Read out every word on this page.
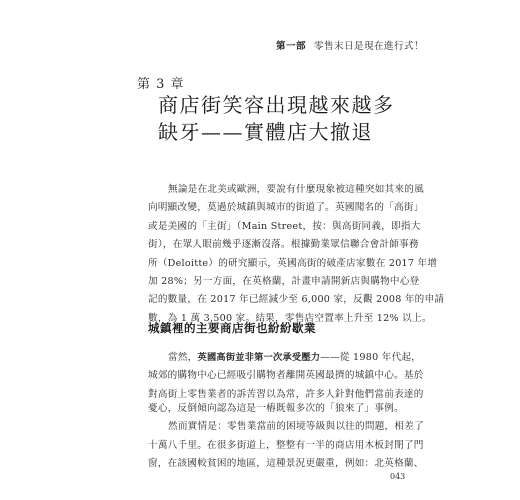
第一部 零售末日是現在進行式！
第 3 章
商店街笑容出現越來越多
缺牙——實體店大撤退
無論是在北美或歐洲，要說有什麼現象被這種突如其來的風
向明顯改變，莫過於城鎮與城市的街道了。英國聞名的「高街」
或是美國的「主街」（Main Street，按：與高街同義，即指大
街），在眾人眼前幾乎逐漸沒落。根據勤業眾信聯合會計師事務
所（Deloitte）的研究顯示，英國高街的破產店家數在 2017 年增
加 28%；另一方面，在英格蘭，計畫申請開新店與購物中心登
記的數量，在 2017 年已經減少至 6,000 家，反觀 2008 年的申請
數，為 1 萬 3,500 家。結果，零售店空置率上升至 12% 以上。
城鎮裡的主要商店街也紛紛歇業
當然，英國高街並非第一次承受壓力——從 1980 年代起，
城郊的購物中心已經吸引購物者離開英國最擠的城鎮中心。基於
對高街上零售業者的訴苦習以為常，許多人針對他們當前表達的
憂心，反倒傾向認為這是一樁既報多次的「狼來了」事例。
然而實情是：零售業當前的困境等級與以往的問題，相差了
十萬八千里。在很多街道上，整整有一半的商店用木板封閉了門
窗，在該國較貧困的地區，這種景況更嚴重，例如：北英格蘭、
043
